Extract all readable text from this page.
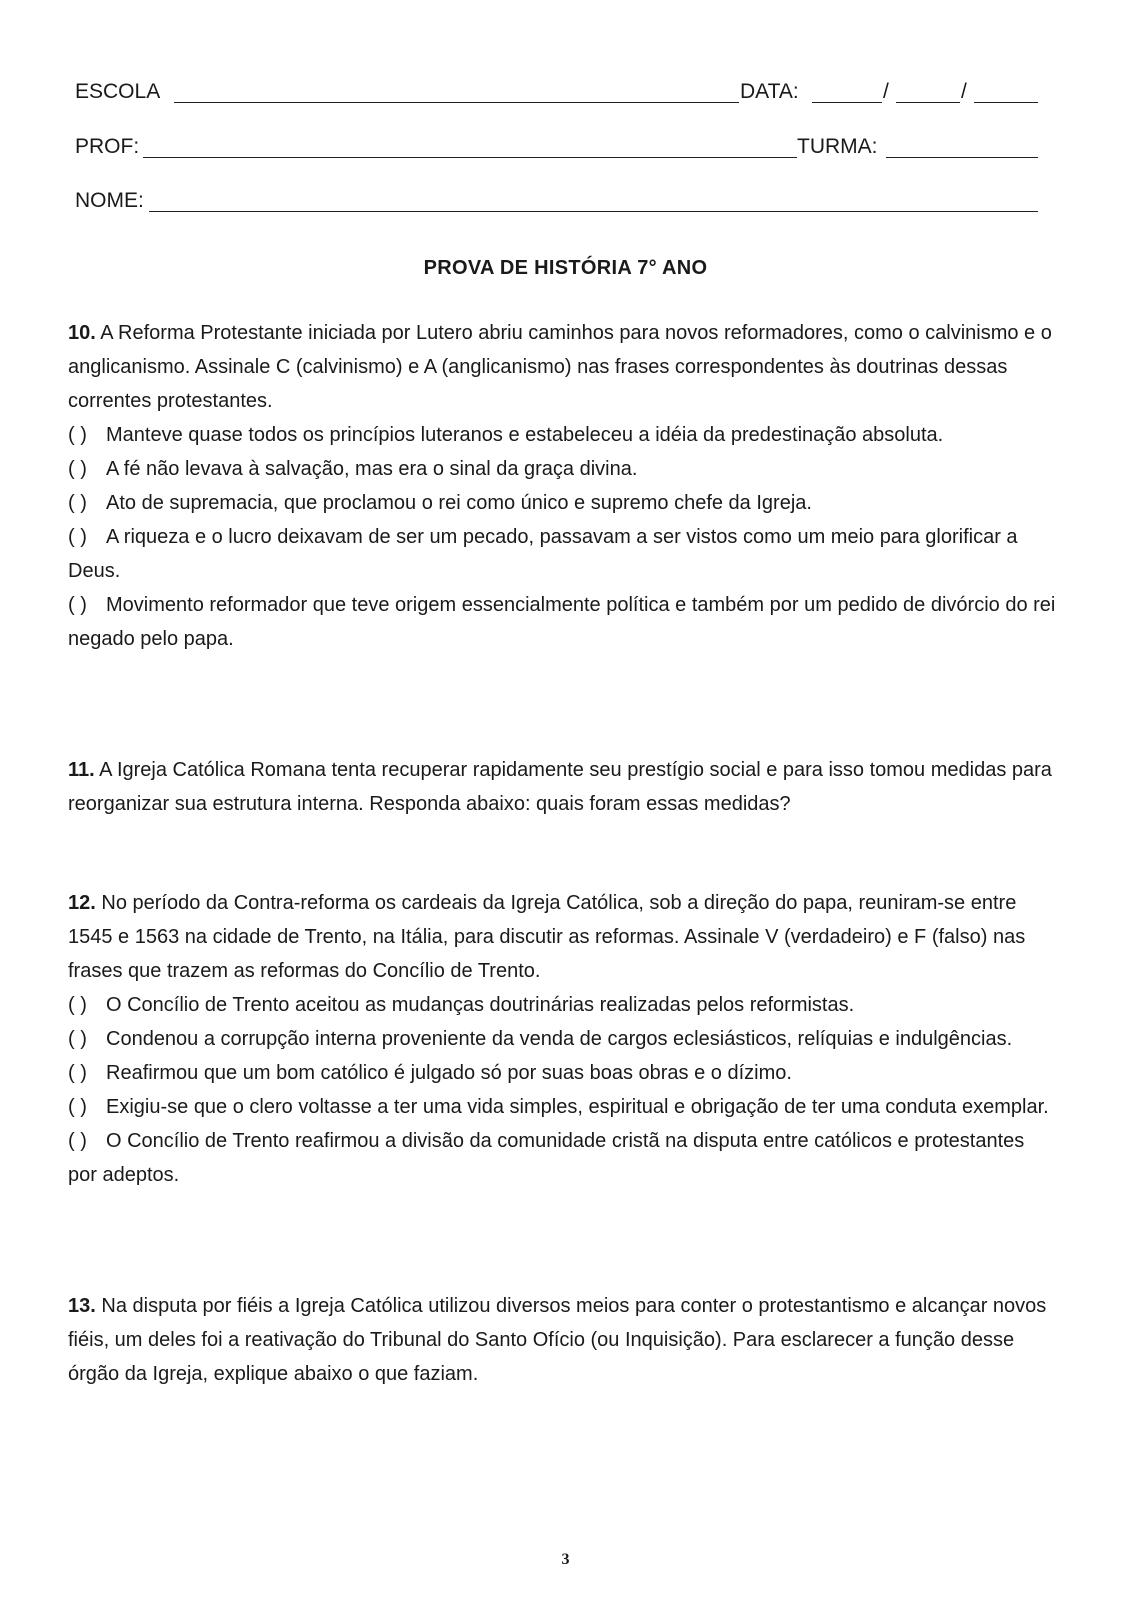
ESCOLA	DATA:	/	/
PROF:	TURMA:
NOME:
PROVA DE HISTÓRIA 7° ANO

10. A Reforma Protestante iniciada por Lutero abriu caminhos para novos reformadores, como o calvinismo e o anglicanismo. Assinale C (calvinismo) e A (anglicanismo) nas frases correspondentes às doutrinas dessas correntes protestantes.

( ) Manteve quase todos os princípios luteranos e estabeleceu a idéia da predestinação absoluta.

( ) A fé não levava à salvação, mas era o sinal da graça divina.

( ) Ato de supremacia, que proclamou o rei como único e supremo chefe da Igreja.

( ) A riqueza e o lucro deixavam de ser um pecado, passavam a ser vistos como um meio para glorificar a Deus.

( ) Movimento reformador que teve origem essencialmente política e também por um pedido de divórcio do rei negado pelo papa.

11. A Igreja Católica Romana tenta recuperar rapidamente seu prestígio social e para isso tomou medidas para reorganizar sua estrutura interna. Responda abaixo: quais foram essas medidas?

12. No período da Contra-reforma os cardeais da Igreja Católica, sob a direção do papa, reuniram-se entre 1545 e 1563 na cidade de Trento, na Itália, para discutir as reformas. Assinale V (verdadeiro) e F (falso) nas frases que trazem as reformas do Concílio de Trento.

( ) O Concílio de Trento aceitou as mudanças doutrinárias realizadas pelos reformistas.

( ) Condenou a corrupção interna proveniente da venda de cargos eclesiásticos, relíquias e indulgências.

( ) Reafirmou que um bom católico é julgado só por suas boas obras e o dízimo.

( ) Exigiu-se que o clero voltasse a ter uma vida simples, espiritual e obrigação de ter uma conduta exemplar.

( ) O Concílio de Trento reafirmou a divisão da comunidade cristã na disputa entre católicos e protestantes por adeptos.

13. Na disputa por fiéis a Igreja Católica utilizou diversos meios para conter o protestantismo e alcançar novos fiéis, um deles foi a reativação do Tribunal do Santo Ofício (ou Inquisição). Para esclarecer a função desse órgão da Igreja, explique abaixo o que faziam.

3
